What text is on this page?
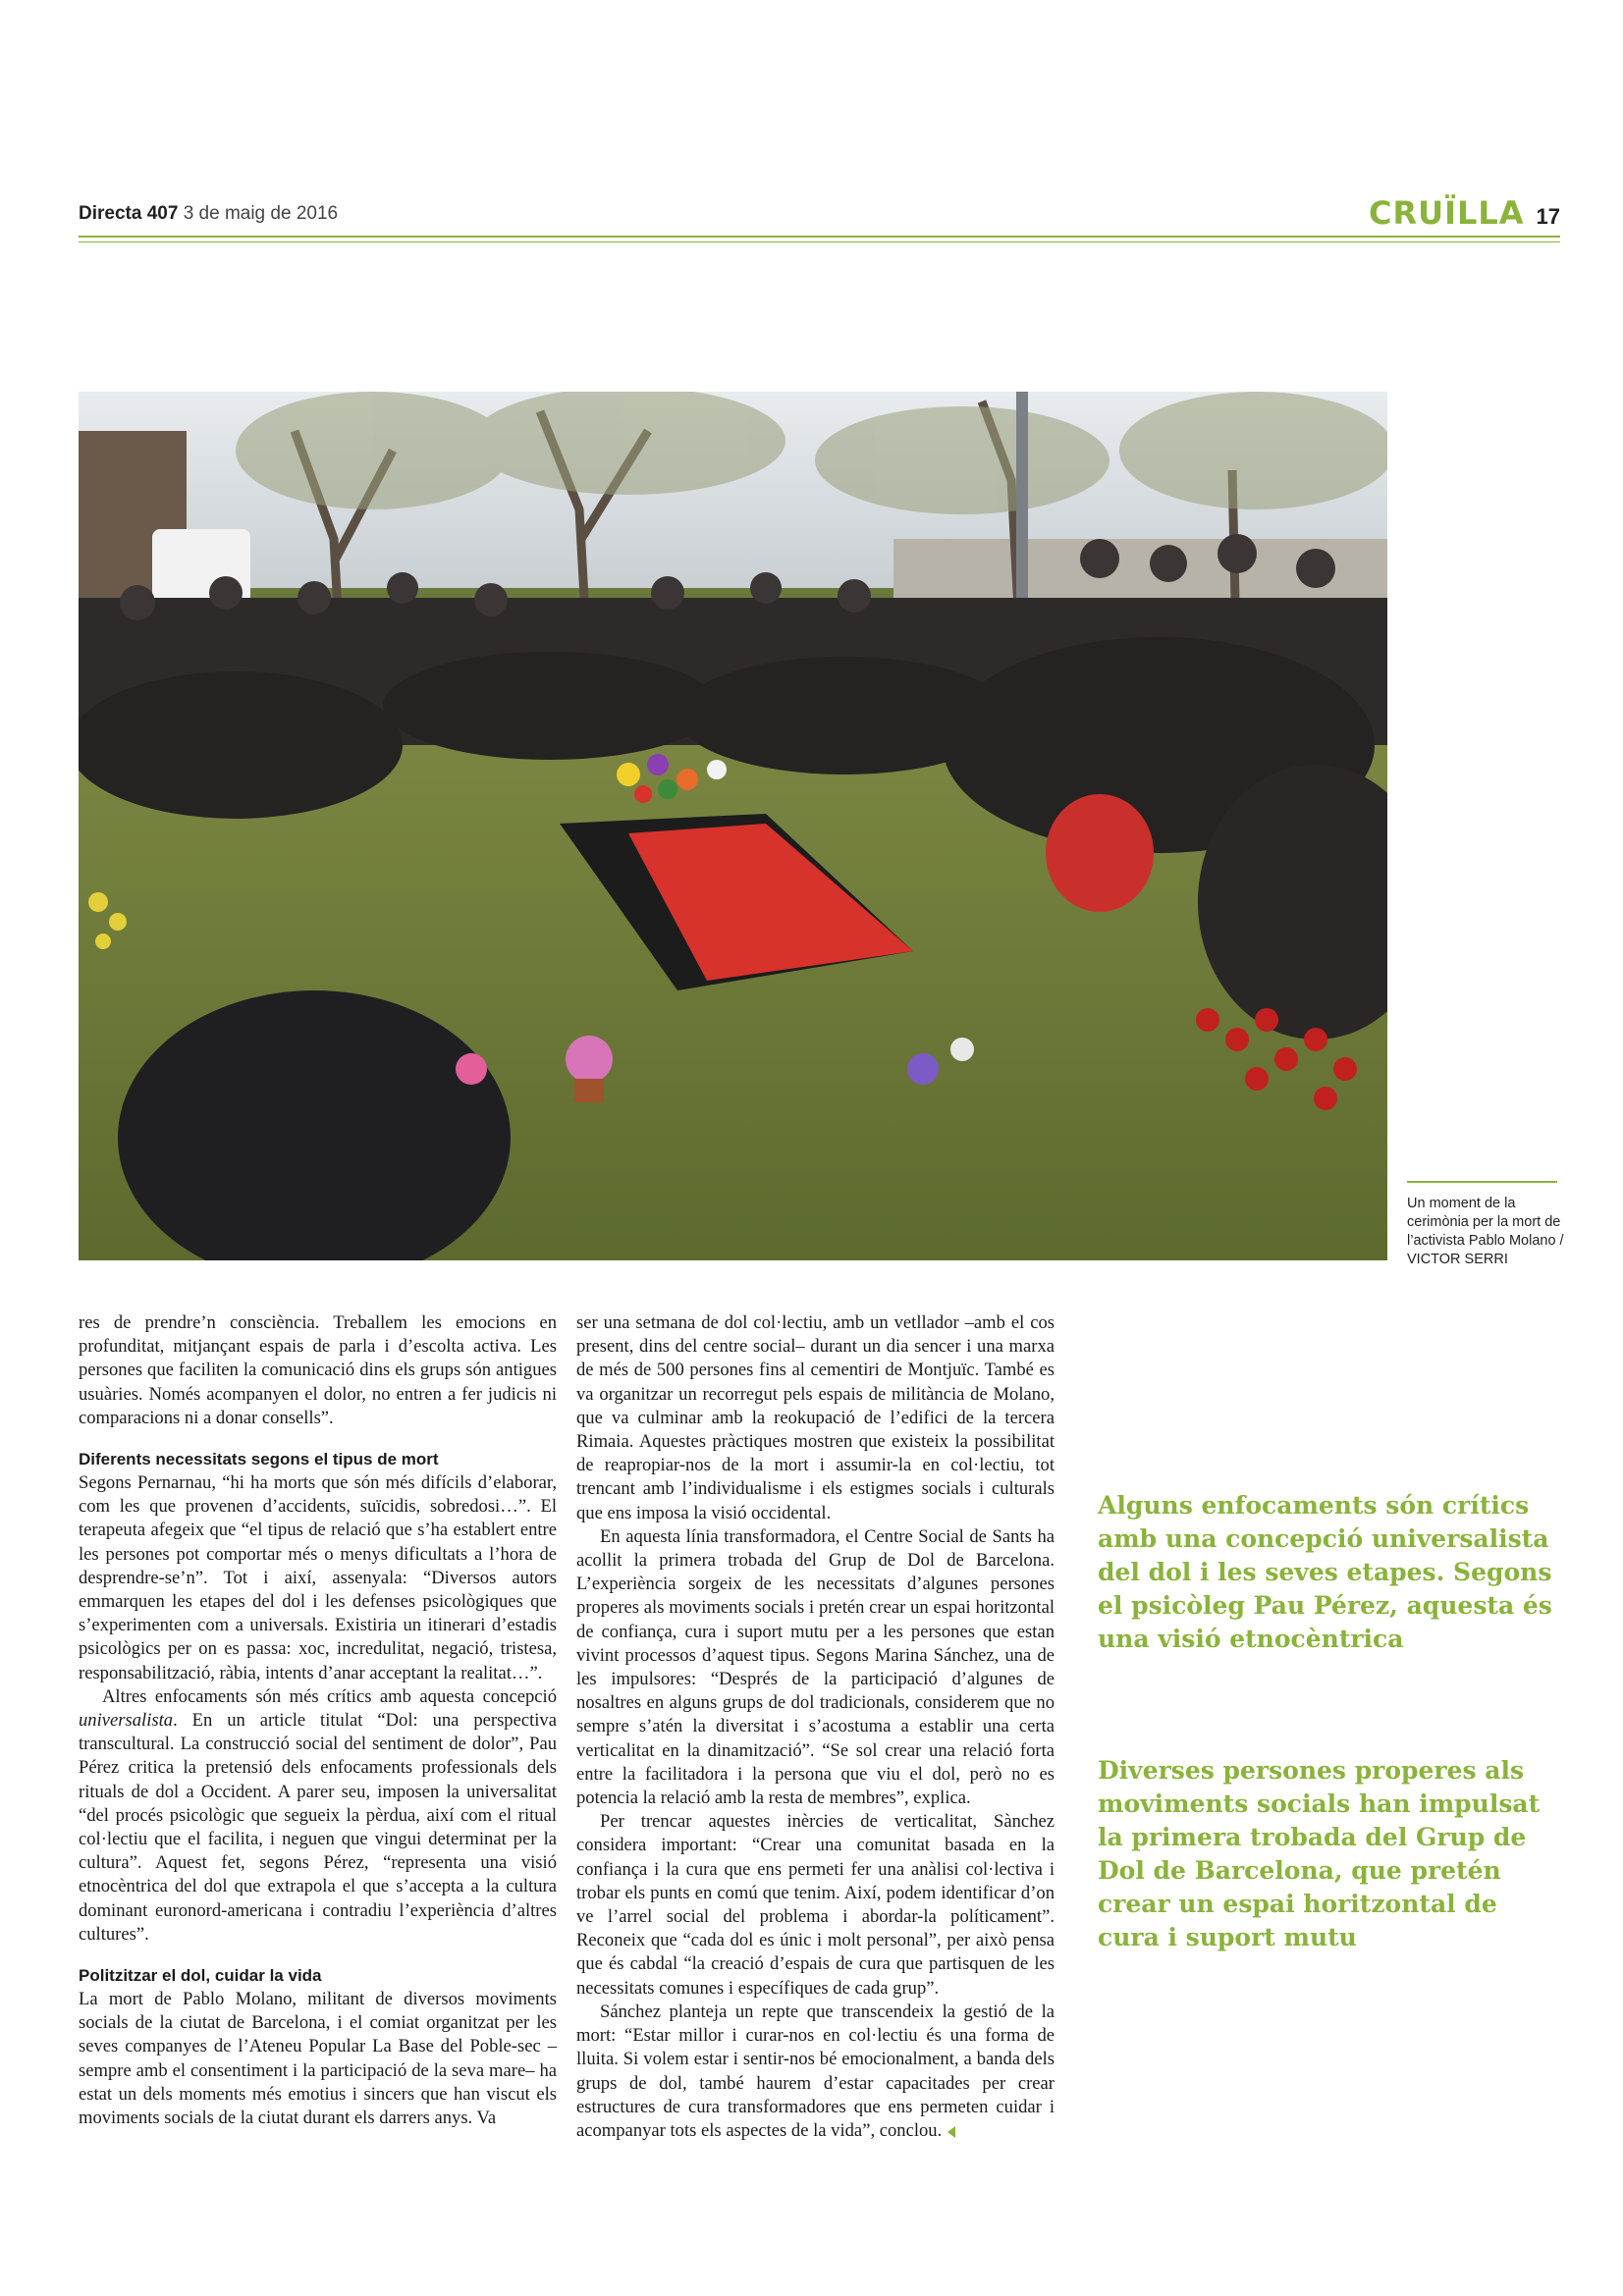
Directa 407 3 de maig de 2016	CRUÏLLA 17
Un moment de la cerimònia per la mort de l’activista Pablo Molano / VICTOR SERRI

res de prendre’n consciència. Treballem les emocions en profunditat, mitjançant espais de parla i d’escolta activa. Les persones que faciliten la comunicació dins els grups són antigues usuàries. Només acompanyen el dolor, no entren a fer judicis ni comparacions ni a donar consells”.

Diferents necessitats segons el tipus de mort

Segons Pernarnau, “hi ha morts que són més difícils d’elaborar, com les que provenen d’accidents, suïcidis, sobredosi…”. El terapeuta afegeix que “el tipus de relació que s’ha establert entre les persones pot comportar més o menys dificultats a l’hora de desprendre-se’n”. Tot i així, assenyala: “Diversos autors emmarquen les etapes del dol i les defenses psicològiques que s’experimenten com a universals. Existiria un itinerari d’estadis psicològics per on es passa: xoc, incredulitat, negació, tristesa, responsabilització, ràbia, intents d’anar acceptant la realitat…”.

Altres enfocaments són més crítics amb aquesta concepció universalista. En un article titulat “Dol: una perspectiva transcultural. La construcció social del sentiment de dolor”, Pau Pérez critica la pretensió dels enfocaments professionals dels rituals de dol a Occident. A parer seu, imposen la universalitat “del procés psicològic que segueix la pèrdua, així com el ritual col·lectiu que el facilita, i neguen que vingui determinat per la cultura”. Aquest fet, segons Pérez, “representa una visió etnocèntrica del dol que extrapola el que s’accepta a la cultura dominant euronord-americana i contradiu l’experiència d’altres cultures”.

Politzitzar el dol, cuidar la vida

La mort de Pablo Molano, militant de diversos moviments socials de la ciutat de Barcelona, i el comiat organitzat per les seves companyes de l’Ateneu Popular La Base del Poble-sec –sempre amb el consentiment i la participació de la seva mare– ha estat un dels moments més emotius i sincers que han viscut els moviments socials de la ciutat durant els darrers anys. Va

ser una setmana de dol col·lectiu, amb un vetllador –amb el cos present, dins del centre social– durant un dia sencer i una marxa de més de 500 persones fins al cementiri de Montjuïc. També es va organitzar un recorregut pels espais de militància de Molano, que va culminar amb la reokupació de l’edifici de la tercera Rimaia. Aquestes pràctiques mostren que existeix la possibilitat de reapropiar-nos de la mort i assumir-la en col·lectiu, tot trencant amb l’individualisme i els estigmes socials i culturals que ens imposa la visió occidental.

En aquesta línia transformadora, el Centre Social de Sants ha acollit la primera trobada del Grup de Dol de Barcelona. L’experiència sorgeix de les necessitats d’algunes persones properes als moviments socials i pretén crear un espai horitzontal de confiança, cura i suport mutu per a les persones que estan vivint processos d’aquest tipus. Segons Marina Sánchez, una de les impulsores: “Després de la participació d’algunes de nosaltres en alguns grups de dol tradicionals, considerem que no sempre s’atén la diversitat i s’acostuma a establir una certa verticalitat en la dinamització”. “Se sol crear una relació forta entre la facilitadora i la persona que viu el dol, però no es potencia la relació amb la resta de membres”, explica.

Per trencar aquestes inèrcies de verticalitat, Sànchez considera important: “Crear una comunitat basada en la confiança i la cura que ens permeti fer una anàlisi col·lectiva i trobar els punts en comú que tenim. Així, podem identificar d’on ve l’arrel social del problema i abordar-la políticament”. Reconeix que “cada dol es únic i molt personal”, per això pensa que és cabdal “la creació d’espais de cura que partisquen de les necessitats comunes i específiques de cada grup”.

Sánchez planteja un repte que transcendeix la gestió de la mort: “Estar millor i curar-nos en col·lectiu és una forma de lluita. Si volem estar i sentir-nos bé emocionalment, a banda dels grups de dol, també haurem d’estar capacitades per crear estructures de cura transformadores que ens permeten cuidar i acompanyar tots els aspectes de la vida”, conclou.

Alguns enfocaments són crítics amb una concepció universalista del dol i les seves etapes. Segons el psicòleg Pau Pérez, aquesta és una visió etnocèntrica
Diverses persones properes als moviments socials han impulsat la primera trobada del Grup de Dol de Barcelona, que pretén crear un espai horitzontal de cura i suport mutu
